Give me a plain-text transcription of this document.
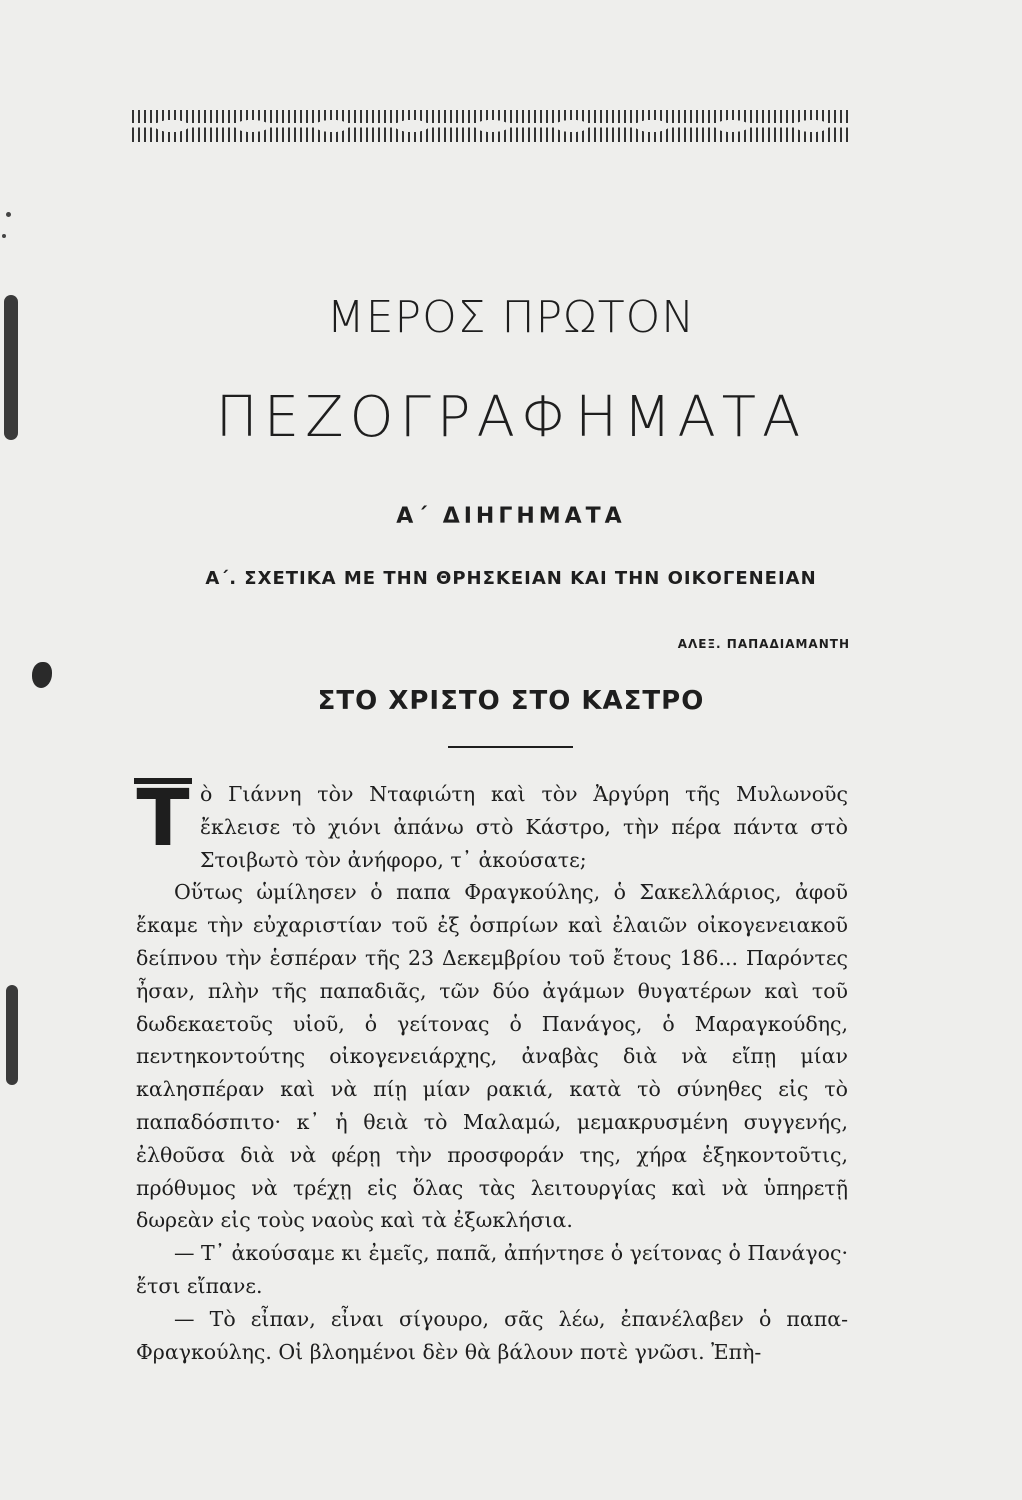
ΜΕΡΟΣ ΠΡΩΤΟΝ
ΠΕΖΟΓΡΑΦΗΜΑΤΑ
Α΄ ΔΙΗΓΗΜΑΤΑ
Α΄. ΣΧΕΤΙΚΑ ΜΕ ΤΗΝ ΘΡΗΣΚΕΙΑΝ ΚΑΙ ΤΗΝ ΟΙΚΟΓΕΝΕΙΑΝ
ΑΛΕΞ. ΠΑΠΑΔΙΑΜΑΝΤΗ
ΣΤΟ ΧΡΙΣΤΟ ΣΤΟ ΚΑΣΤΡΟ

Τ ὸ Γιάννη τὸν Νταφιώτη καὶ τὸν Ἀργύρη τῆς Μυλωνοῦς ἔκλεισε τὸ χιόνι ἀπάνω στὸ Κάστρο, τὴν πέρα πάντα στὸ Στοιβωτὸ τὸν ἀνήφορο, τ᾽ ἀκούσατε;

Οὕτως ὡμίλησεν ὁ παπα Φραγκούλης, ὁ Σακελλάριος, ἀφοῦ ἔκαμε τὴν εὐχαριστίαν τοῦ ἐξ ὀσπρίων καὶ ἐλαιῶν οἰκογενειακοῦ δείπνου τὴν ἑσπέραν τῆς 23 Δεκεμβρίου τοῦ ἔτους 186... Παρόντες ἦσαν, πλὴν τῆς παπαδιᾶς, τῶν δύο ἀγάμων θυγατέρων καὶ τοῦ δωδεκαετοῦς υἱοῦ, ὁ γείτονας ὁ Πανάγος, ὁ Μαραγκούδης, πεντηκοντούτης οἰκογενειάρχης, ἀναβὰς διὰ νὰ εἴπῃ μίαν καλησπέραν καὶ νὰ πίῃ μίαν ρακιά, κατὰ τὸ σύνηθες εἰς τὸ παπαδόσπιτο· κ᾽ ἡ θειὰ τὸ Μαλαμώ, μεμακρυσμένη συγγενής, ἐλθοῦσα διὰ νὰ φέρῃ τὴν προσφοράν της, χήρα ἑξηκοντοῦτις, πρόθυμος νὰ τρέχῃ εἰς ὅλας τὰς λειτουργίας καὶ νὰ ὑπηρετῇ δωρεὰν εἰς τοὺς ναοὺς καὶ τὰ ἐξωκλήσια.

— Τ᾽ ἀκούσαμε κι ἐμεῖς, παπᾶ, ἀπήντησε ὁ γείτονας ὁ Πανάγος· ἔτσι εἴπανε.

— Τὸ εἶπαν, εἶναι σίγουρο, σᾶς λέω, ἐπανέλαβεν ὁ παπα-Φραγκούλης. Οἱ βλοημένοι δὲν θὰ βάλουν ποτὲ γνῶσι. Ἐπὴ-
